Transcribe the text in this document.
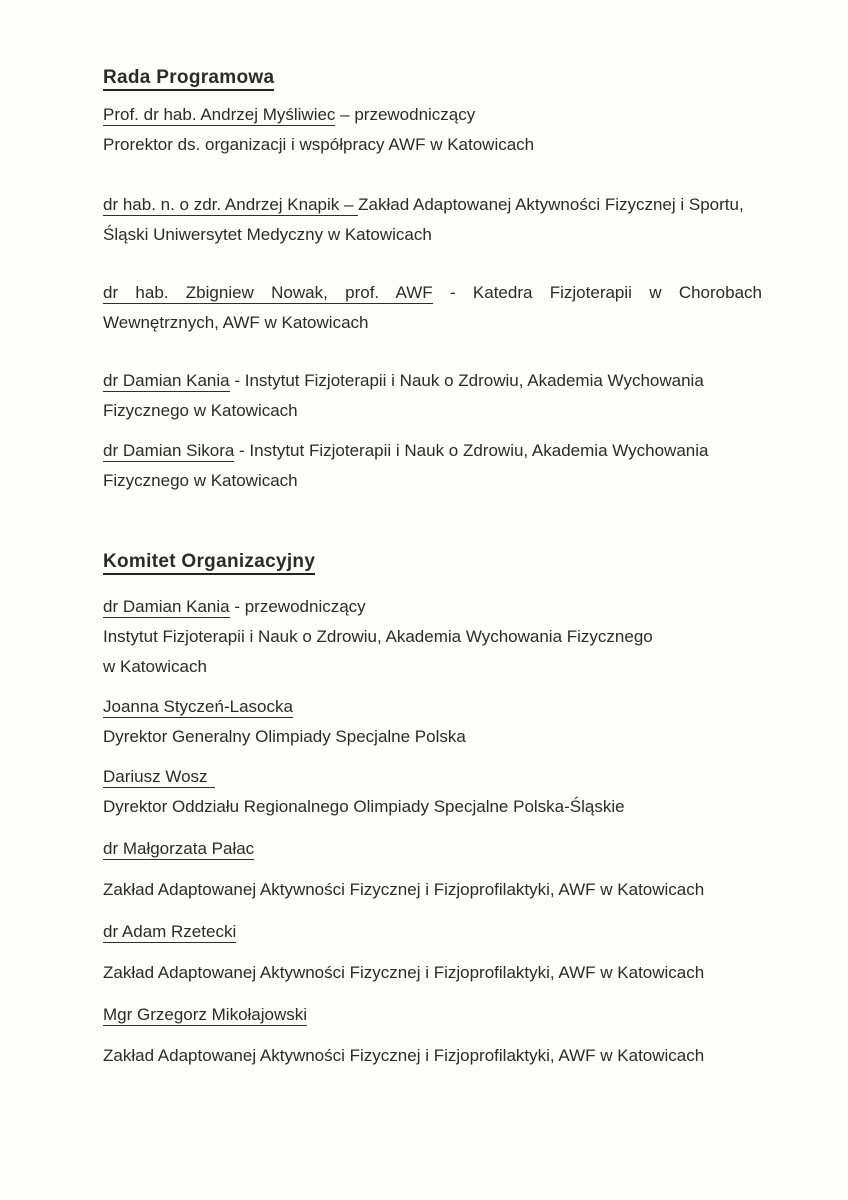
Rada Programowa

Prof. dr hab. Andrzej Myśliwiec – przewodniczący

Prorektor ds. organizacji i współpracy AWF w Katowicach

dr hab. n. o zdr. Andrzej Knapik – Zakład Adaptowanej Aktywności Fizycznej i Sportu,

Śląski Uniwersytet Medyczny w Katowicach

dr hab. Zbigniew Nowak, prof. AWF - Katedra Fizjoterapii w Chorobach

Wewnętrznych, AWF w Katowicach

dr Damian Kania - Instytut Fizjoterapii i Nauk o Zdrowiu, Akademia Wychowania

Fizycznego w Katowicach

dr Damian Sikora - Instytut Fizjoterapii i Nauk o Zdrowiu, Akademia Wychowania

Fizycznego w Katowicach

Komitet Organizacyjny

dr Damian Kania - przewodniczący

Instytut Fizjoterapii i Nauk o Zdrowiu, Akademia Wychowania Fizycznego

w Katowicach

Joanna Styczeń-Lasocka

Dyrektor Generalny Olimpiady Specjalne Polska

Dariusz Wosz

Dyrektor Oddziału Regionalnego Olimpiady Specjalne Polska-Śląskie

dr Małgorzata Pałac

Zakład Adaptowanej Aktywności Fizycznej i Fizjoprofilaktyki, AWF w Katowicach

dr Adam Rzetecki

Zakład Adaptowanej Aktywności Fizycznej i Fizjoprofilaktyki, AWF w Katowicach

Mgr Grzegorz Mikołajowski

Zakład Adaptowanej Aktywności Fizycznej i Fizjoprofilaktyki, AWF w Katowicach
